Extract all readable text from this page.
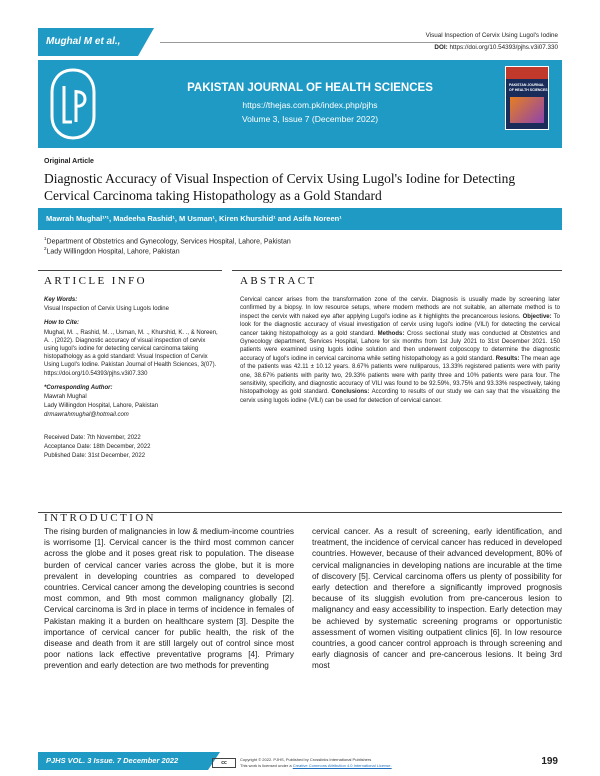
Mughal M et al.,
Visual Inspection of Cervix Using Lugol's Iodine
DOI: https://doi.org/10.54393/pjhs.v3i07.330
PAKISTAN JOURNAL OF HEALTH SCIENCES
https://thejas.com.pk/index.php/pjhs
Volume 3, Issue 7 (December 2022)
PAKISTAN JOURNAL OF HEALTH SCIENCES
Original Article
Diagnostic Accuracy of Visual Inspection of Cervix Using Lugol's Iodine for Detecting Cervical Carcinoma taking Histopathology as a Gold Standard
Mawrah Mughal¹'¹, Madeeha Rashid¹, M Usman¹, Kiren Khurshid¹ and Asifa Noreen¹
$^1$Department of Obstetrics and Gynecology, Services Hospital, Lahore, Pakistan
$^2$Lady Willingdon Hospital, Lahore, Pakistan
ARTICLE INFO	ABSTRACT
Key Words:

Visual Inspection of Cervix Using Lugols Iodine

How to Cite:

Mughal, M. ., Rashid, M. ., Usman, M. ., Khurshid, K. ., & Noreen, A. . (2022). Diagnostic accuracy of visual inspection of cervix using lugol's iodine for detecting cervical carcinoma taking histopathology as a gold standard: Visual Inspection of Cervix Using Lugol's Iodine. Pakistan Journal of Health Sciences, 3(07). https://doi.org/10.54393/pjhs.v3i07.330

*Corresponding Author:

Mawrah Mughal

Lady Willingdon Hospital, Lahore, Pakistan

drmawrahmughal@hotmail.com

Received Date: 7th November, 2022

Acceptance Date: 18th December, 2022

Published Date: 31st December, 2022

Cervical cancer arises from the transformation zone of the cervix. Diagnosis is usually made by screening later confirmed by a biopsy. In low resource setups, where modern methods are not suitable, an alternate method is to inspect the cervix with naked eye after applying Lugol's iodine as it highlights the precancerous lesions. Objective: To look for the diagnostic accuracy of visual investigation of cervix using lugol's iodine (VILI) for detecting the cervical cancer taking histopathology as a gold standard. Methods: Cross sectional study was conducted at Obstetrics and Gynecology department, Services Hospital, Lahore for six months from 1st July 2021 to 31st December 2021. 150 patients were examined using lugols iodine solution and then underwent colposcopy to determine the diagnostic accuracy of lugol's iodine in cervical carcinoma while setting histopathology as a gold standard. Results: The mean age of the patients was 42.11 ± 10.12 years. 8.67% patients were nulliparous, 13.33% registered patients were with parity one, 38.67% patients with parity two, 29.33% patients were with parity three and 10% patients were para four. The sensitivity, specificity, and diagnostic accuracy of VILI was found to be 92.59%, 93.75% and 93.33% respectively, taking histopathology as gold standard. Conclusions: According to results of our study we can say that the visualizing the cervix using lugols iodine (VILI) can be used for detection of cervical cancer.
INTRODUCTION
The rising burden of malignancies in low & medium-income countries is worrisome [1]. Cervical cancer is the third most common cancer across the globe and it poses great risk to population. The disease burden of cervical cancer varies across the globe, but it is more prevalent in developing countries as compared to developed countries. Cervical cancer among the developing countries is second most common, and 9th most common malignancy globally [2]. Cervical carcinoma is 3rd in place in terms of incidence in females of Pakistan making it a burden on healthcare system [3]. Despite the importance of cervical cancer for public health, the risk of the disease and death from it are still largely out of control since most poor nations lack effective preventative programs [4]. Primary prevention and early detection are two methods for preventing
cervical cancer. As a result of screening, early identification, and treatment, the incidence of cervical cancer has reduced in developed countries. However, because of their advanced development, 80% of cervical malignancies in developing nations are incurable at the time of discovery [5]. Cervical carcinoma offers us plenty of possibility for early detection and therefore a significantly improved prognosis because of its sluggish evolution from pre-cancerous lesion to malignancy and easy accessibility to inspection. Early detection may be achieved by systematic screening programs or opportunistic assessment of women visiting outpatient clinics [6]. In low resource countries, a good cancer control approach is through screening and early diagnosis of cancer and pre-cancerous lesions. It being 3rd most
PJHS VOL. 3 Issue. 7 December 2022	cc
Copyright © 2022. PJHS, Published by Crosslinks International Publishers
This work is licensed under a Creative Commons Attribution 4.0 International License.	199
